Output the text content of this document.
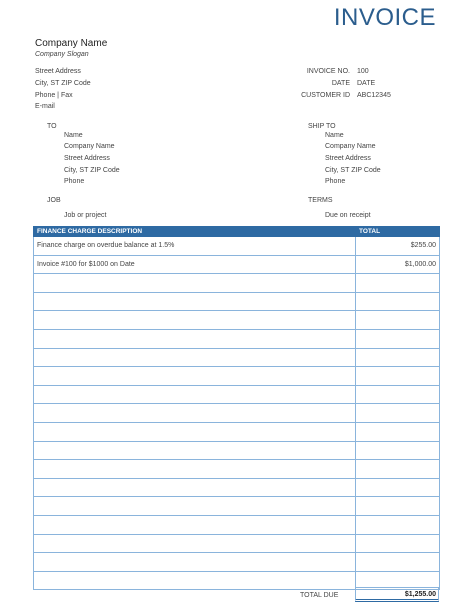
INVOICE
Company Name
Company Slogan
Street Address
City, ST ZIP Code
Phone | Fax
E-mail
INVOICE NO. 100
DATE DATE
CUSTOMER ID ABC12345
TO
Name
Company Name
Street Address
City, ST ZIP Code
Phone
SHIP TO
Name
Company Name
Street Address
City, ST ZIP Code
Phone
JOB
Job or project
TERMS
Due on receipt
FINANCE CHARGE DESCRIPTION	TOTAL
Finance charge on overdue balance at 1.5%	$255.00
Invoice #100 for $1000 on Date	$1,000.00

TOTAL DUE	$1,255.00
